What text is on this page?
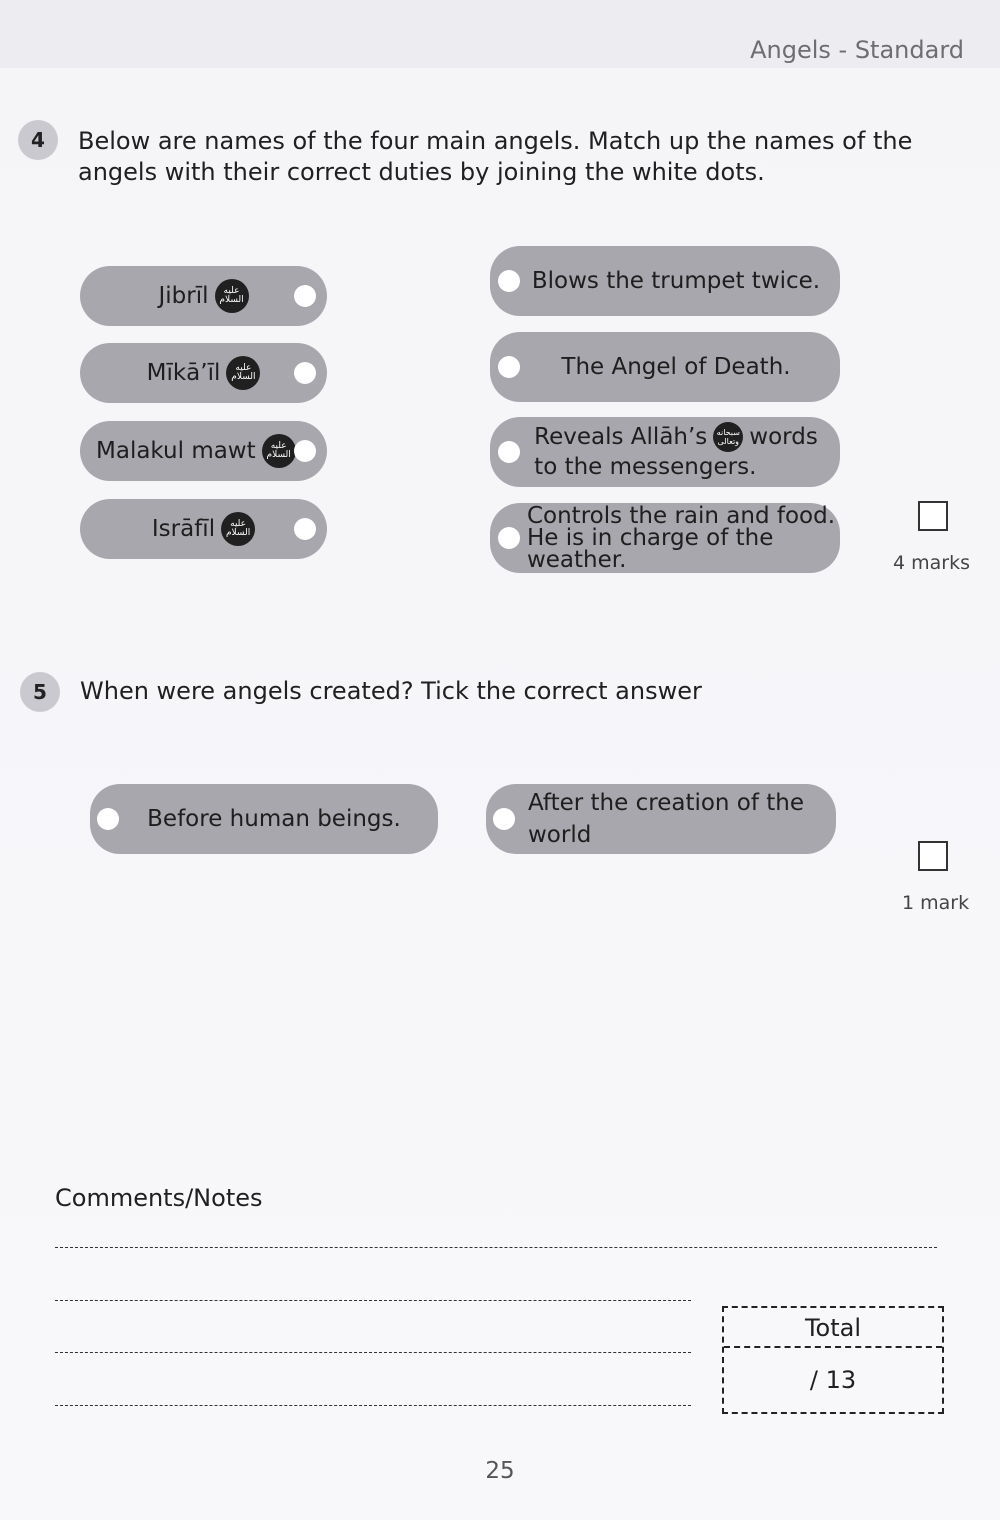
Angels - Standard
4	Below are names of the four main angels. Match up the names of the
angels with their correct duties by joining the white dots.
Jibrīl	عليه السلام
Mīkā’īl	عليه السلام
Malakul mawt	عليه السلام
Isrāfīl	عليه السلام
Blows the trumpet twice.
The Angel of Death.
Reveals Allāh’s سبحانه وتعالى words
to the messengers.
Controls the rain and food.
He is in charge of the
weather.	4 marks
5	When were angels created? Tick the correct answer
Before human beings.
After the creation of the
world
1 mark
Comments/Notes
Total
/ 13
25
